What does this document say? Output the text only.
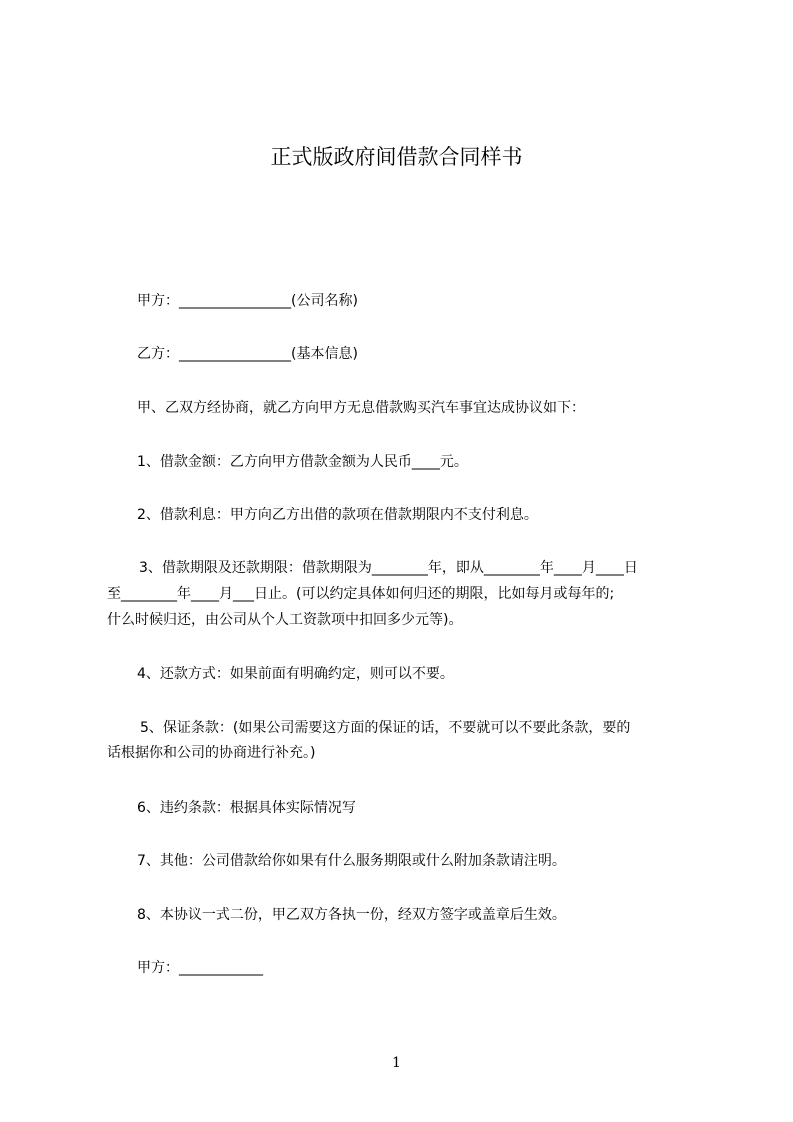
正式版政府间借款合同样书
甲方：________________(公司名称)
乙方：________________(基本信息)
甲、乙双方经协商，就乙方向甲方无息借款购买汽车事宜达成协议如下：
1、借款金额：乙方向甲方借款金额为人民币____元。
2、借款利息：甲方向乙方出借的款项在借款期限内不支付利息。
3、借款期限及还款期限：借款期限为________年，即从________年____月____日
至________年____月___日止。(可以约定具体如何归还的期限，比如每月或每年的;
什么时候归还，由公司从个人工资款项中扣回多少元等)。
4、还款方式：如果前面有明确约定，则可以不要。
5、保证条款：(如果公司需要这方面的保证的话，不要就可以不要此条款，要的
话根据你和公司的协商进行补充。)
6、违约条款：根据具体实际情况写
7、其他：公司借款给你如果有什么服务期限或什么附加条款请注明。
8、本协议一式二份，甲乙双方各执一份，经双方签字或盖章后生效。
甲方：____________
1
